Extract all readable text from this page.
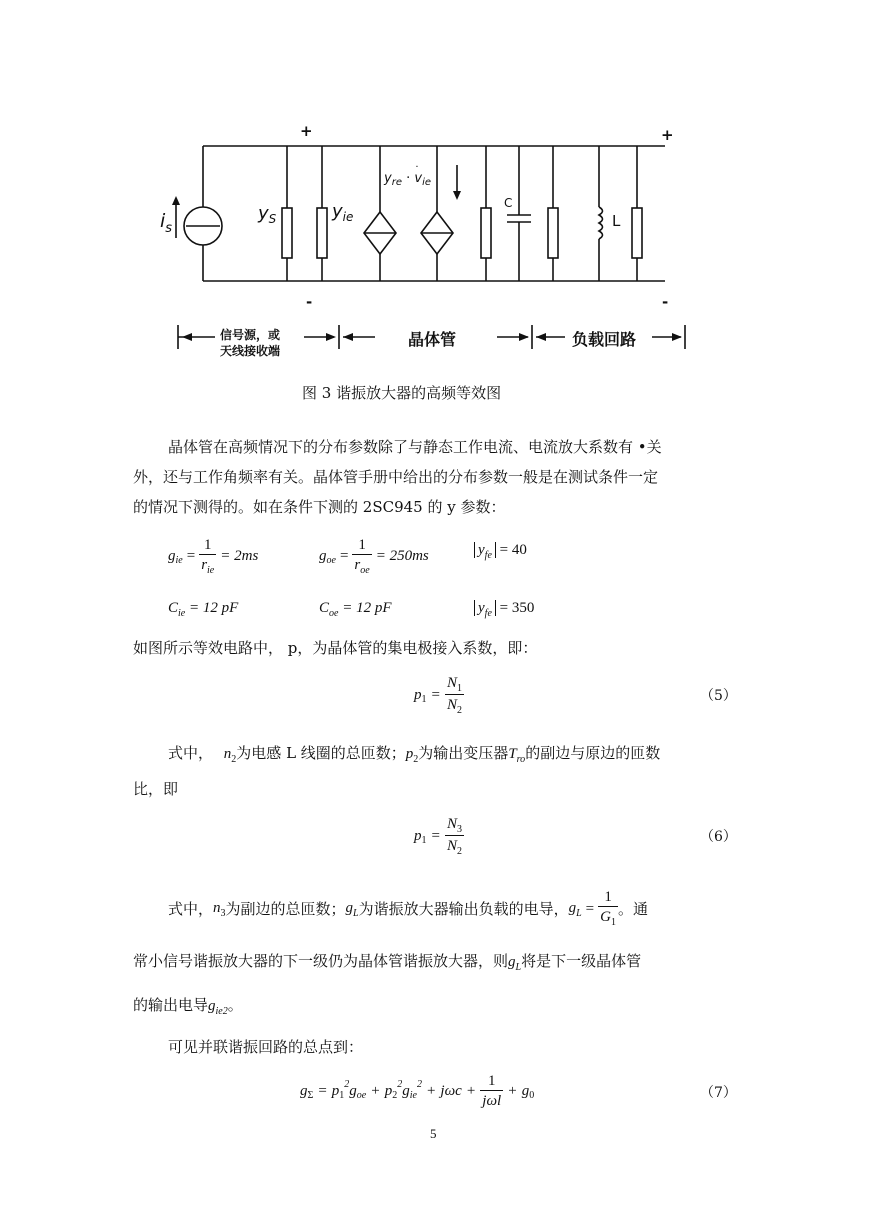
+	+
-	-
$i_s$
$y_S$	$y_{ie}$
$y_{re} \cdot v$
·
$_{ie}$
C
L
信号源，或
天线接收端
晶体管	负载回路
图 3 谐振放大器的高频等效图
晶体管在高频情况下的分布参数除了与静态工作电流、电流放大系数有 •关
外，还与工作角频率有关。晶体管手册中给出的分布参数一般是在测试条件一定
的情况下测得的。如在条件下测的 2SC945 的 y 参数：
g ie = $\frac{1}{r_{ie}} = 2ms$	g oe = $\frac{1}{r_{oe}} = 250ms$	$y_{fe} = 40$
$C_{ie} = 12$ pF	$C_{oe} = 12$ pF	$y_{fe} = 350$
如图所示等效电路中， p，为晶体管的集电极接入系数，即：
p $1 = \frac{N_1}{N_2}$	（5）
式中， $n_2$为电感 L 线圈的总匝数；$p_2$为输出变压器$T_{ro}$的副边与原边的匝数
比，即
p $1 = \frac{N_3}{N_2}$	（6）
式中， $n_3$ 为副边的总匝数； $g_L$ 为谐振放大器输出负载的电导， $g_L = \frac{1}{G_1}$ 。通
常小信号谐振放大器的下一级仍为晶体管谐振放大器，则$g_L$将是下一级晶体管
的输出电导$g_{ie2}$。
可见并联谐振回路的总点到：
g Σ = p 1
2 g oe + p 2
2 g ie
$2 + j\omega c + \frac{1}{\text{jωl}} + g$ 0	（7）
5
